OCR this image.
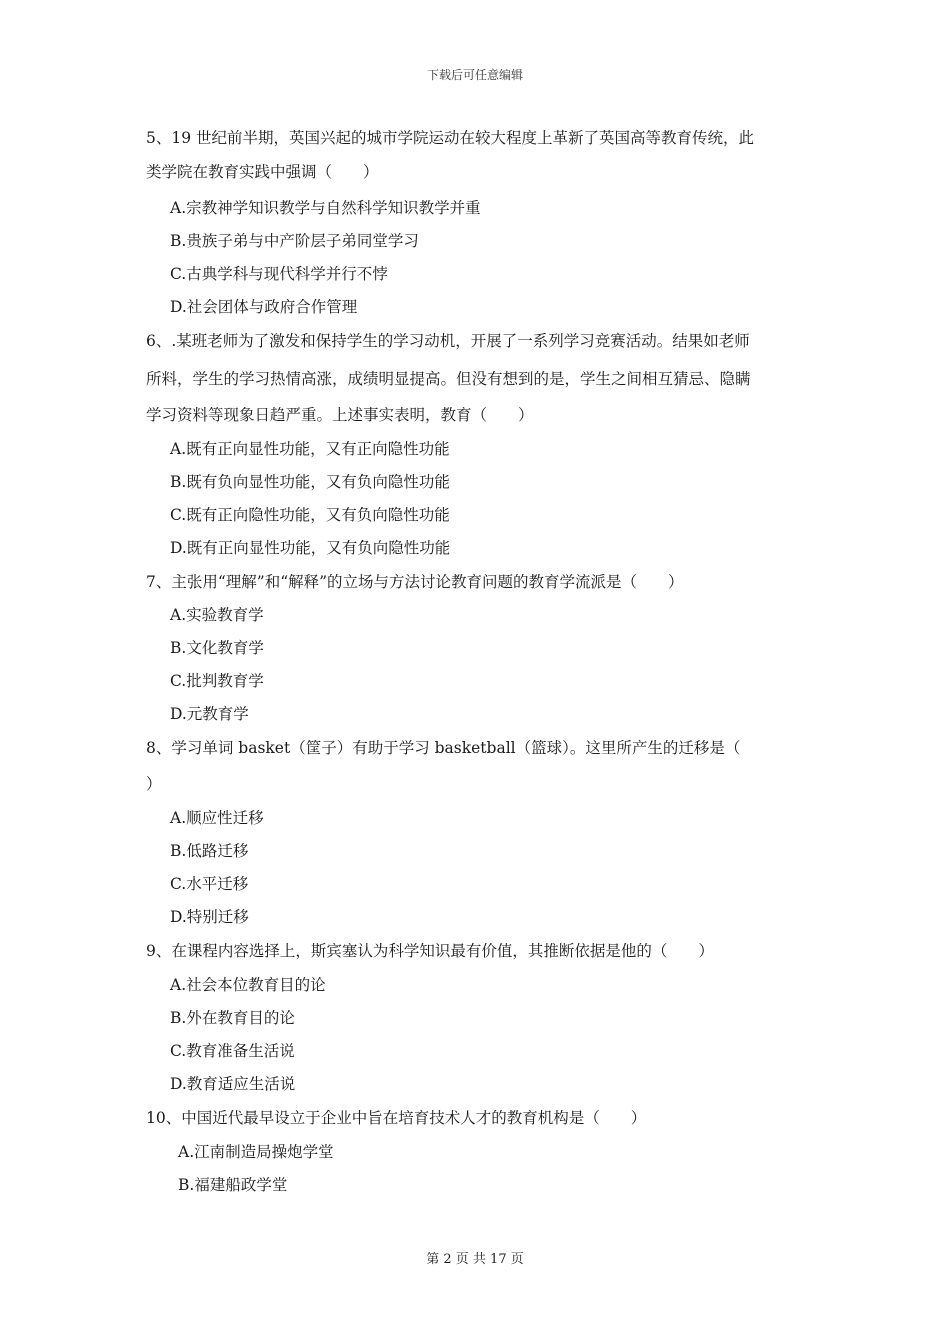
下载后可任意编辑
5、19 世纪前半期，英国兴起的城市学院运动在较大程度上革新了英国高等教育传统，此
类学院在教育实践中强调（　　）
A.宗教神学知识教学与自然科学知识教学并重
B.贵族子弟与中产阶层子弟同堂学习
C.古典学科与现代科学并行不悖
D.社会团体与政府合作管理
6、.某班老师为了激发和保持学生的学习动机，开展了一系列学习竞赛活动。结果如老师
所料，学生的学习热情高涨，成绩明显提高。但没有想到的是，学生之间相互猜忌、隐瞒
学习资料等现象日趋严重。上述事实表明，教育（　　）
A.既有正向显性功能，又有正向隐性功能
B.既有负向显性功能，又有负向隐性功能
C.既有正向隐性功能，又有负向隐性功能
D.既有正向显性功能，又有负向隐性功能
7、主张用“理解”和“解释”的立场与方法讨论教育问题的教育学流派是（　　）
A.实验教育学
B.文化教育学
C.批判教育学
D.元教育学
8、学习单词 basket（筐子）有助于学习 basketball（篮球）。这里所产生的迁移是（
）
A.顺应性迁移
B.低路迁移
C.水平迁移
D.特别迁移
9、在课程内容选择上，斯宾塞认为科学知识最有价值，其推断依据是他的（　　）
A.社会本位教育目的论
B.外在教育目的论
C.教育准备生活说
D.教育适应生活说
10、中国近代最早设立于企业中旨在培育技术人才的教育机构是（　　）
A.江南制造局操炮学堂
B.福建船政学堂
第 2 页 共 17 页
